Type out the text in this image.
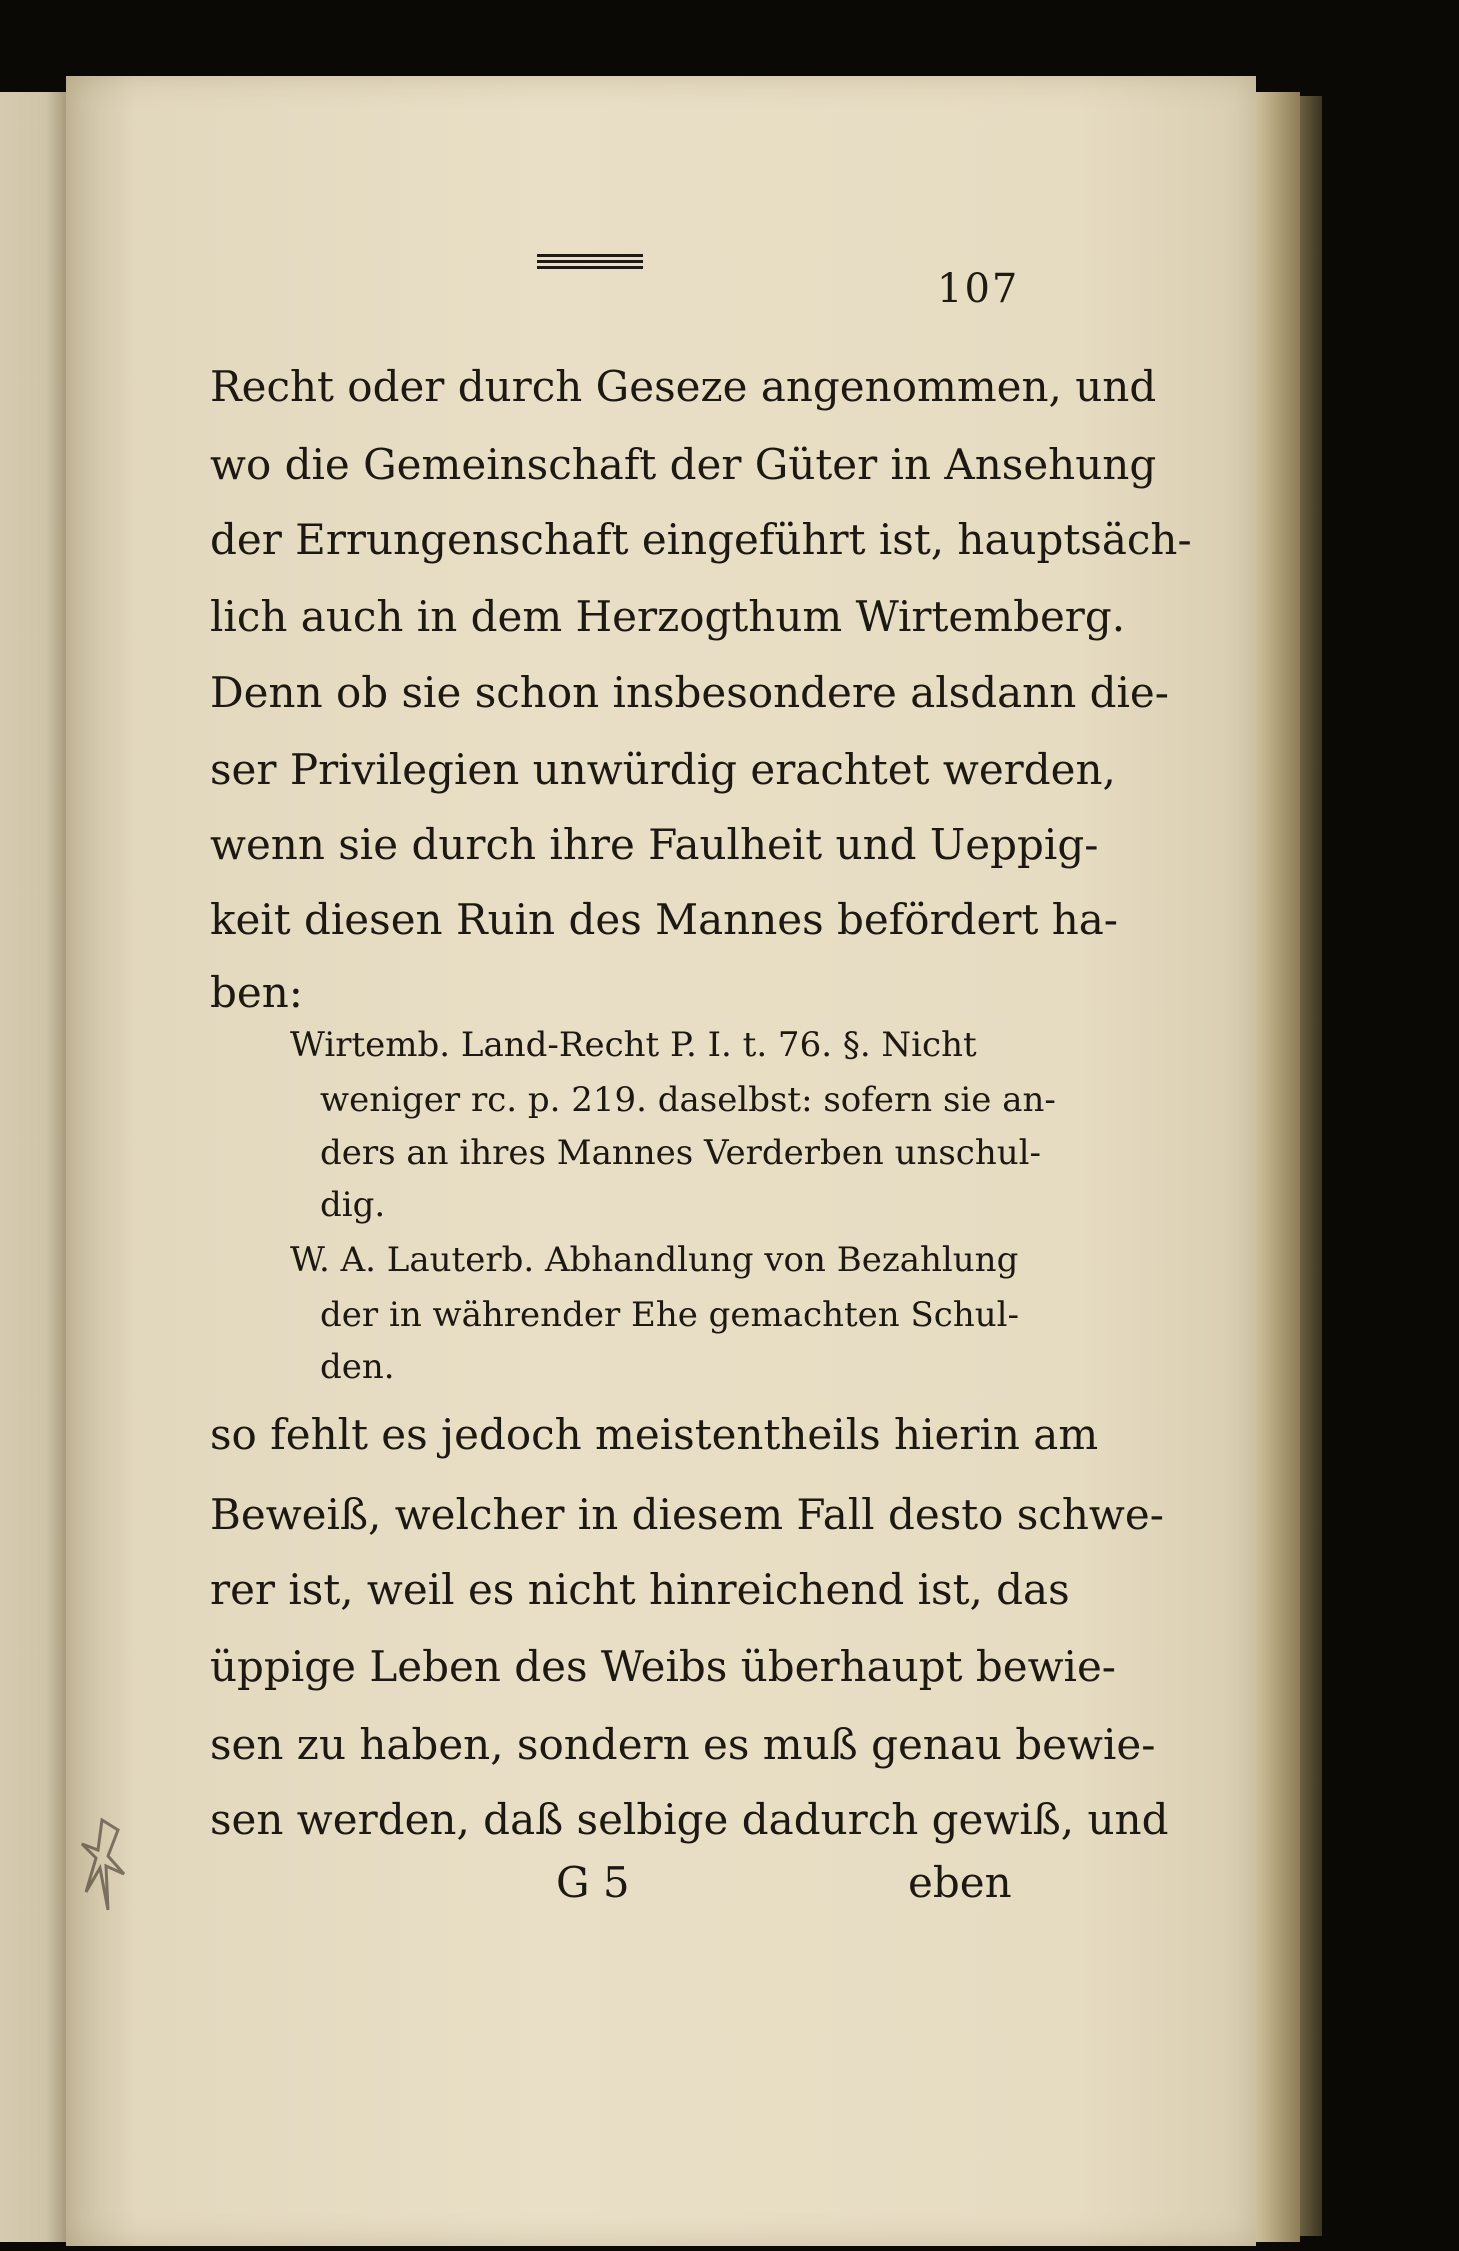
107
Recht oder durch Geseze angenommen, und
wo die Gemeinschaft der Güter in Ansehung
der Errungenschaft eingeführt ist, hauptsäch-
lich auch in dem Herzogthum Wirtemberg.
Denn ob sie schon insbesondere alsdann die-
ser Privilegien unwürdig erachtet werden,
wenn sie durch ihre Faulheit und Ueppig-
keit diesen Ruin des Mannes befördert ha-
ben:
Wirtemb. Land-Recht P. I. t. 76. §. Nicht
weniger rc. p. 219. daselbst: sofern sie an-
ders an ihres Mannes Verderben unschul-
dig.
W. A. Lauterb. Abhandlung von Bezahlung
der in währender Ehe gemachten Schul-
den.
so fehlt es jedoch meistentheils hierin am
Beweiß, welcher in diesem Fall desto schwe-
rer ist, weil es nicht hinreichend ist, das
üppige Leben des Weibs überhaupt bewie-
sen zu haben, sondern es muß genau bewie-
sen werden, daß selbige dadurch gewiß, und
G 5	eben
